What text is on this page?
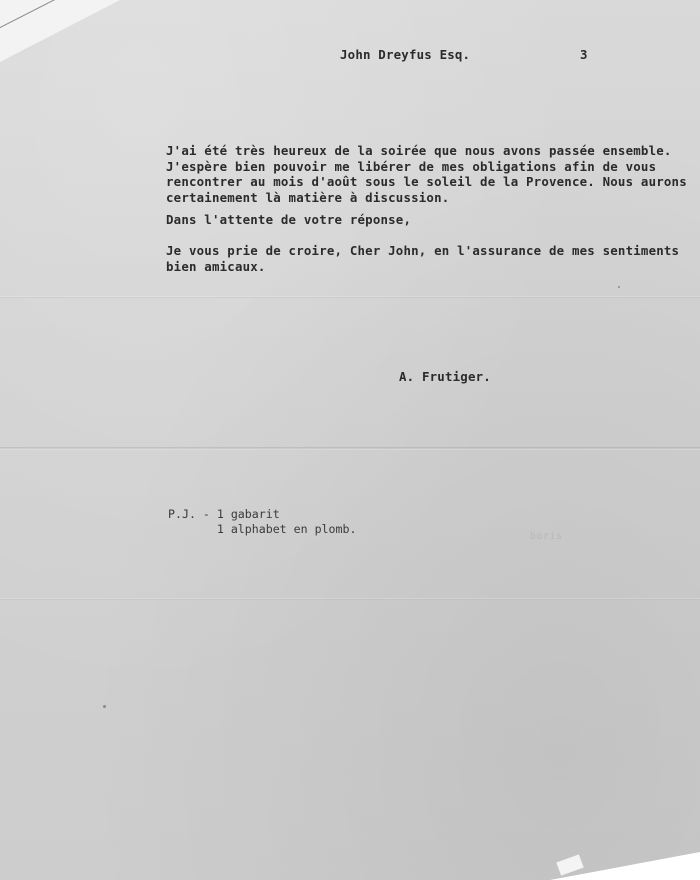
John Dreyfus Esq.	3

J'ai été très heureux de la soirée que nous avons passée ensemble.
J'espère bien pouvoir me libérer de mes obligations afin de vous
rencontrer au mois d'août sous le soleil de la Provence. Nous aurons
certainement là matière à discussion.

Dans l'attente de votre réponse,

Je vous prie de croire, Cher John, en l'assurance de mes sentiments
bien amicaux.

A. Frutiger.

P.J. - 1 gabarit
1 alphabet en plomb.

boris
